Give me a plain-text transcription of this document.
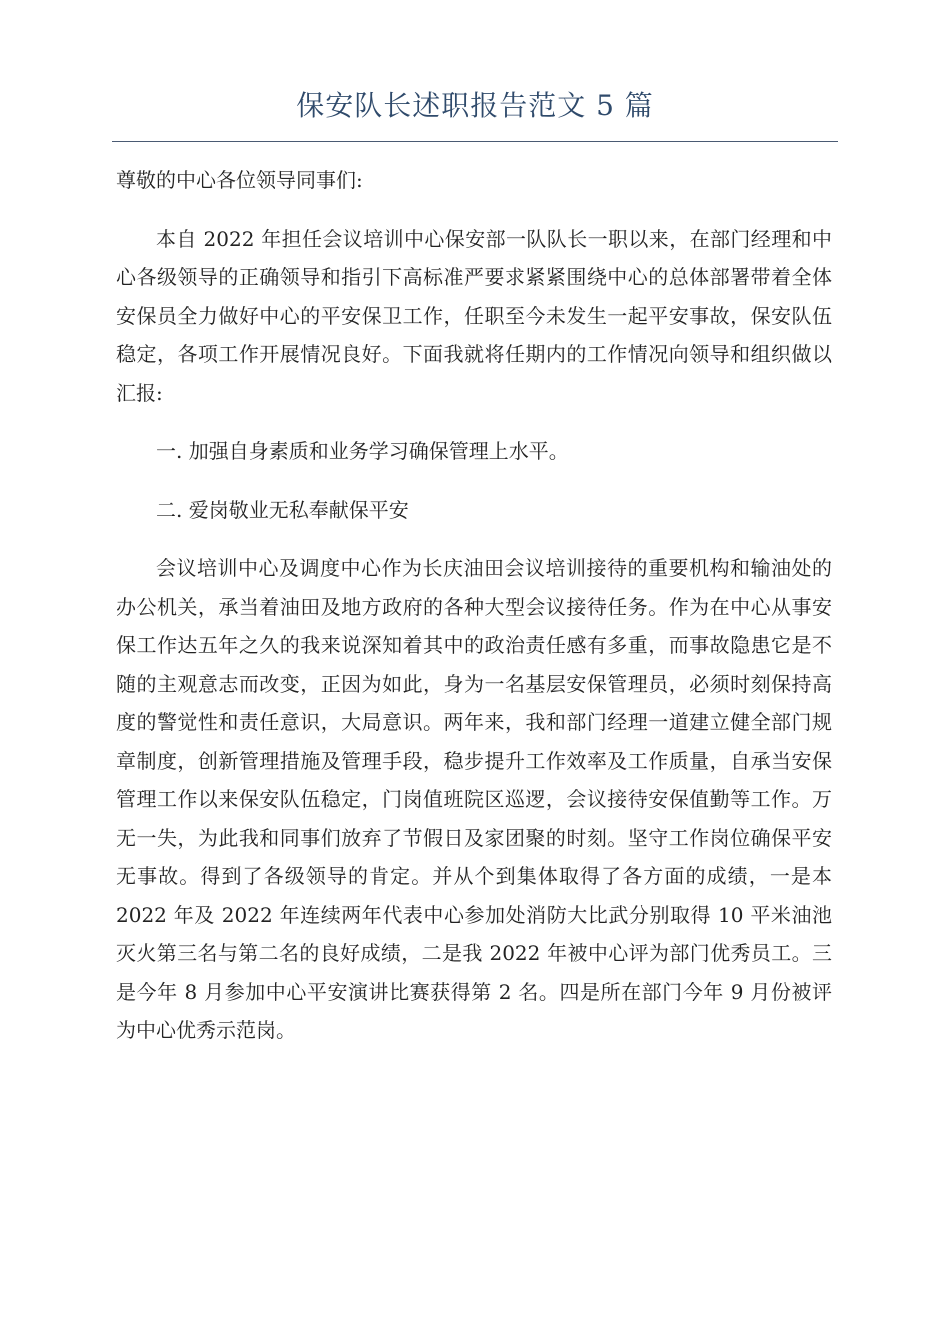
保安队长述职报告范文 5 篇

尊敬的中心各位领导同事们:

本自 2022 年担任会议培训中心保安部一队队长一职以来，在部门经理和中心各级领导的正确领导和指引下高标准严要求紧紧围绕中心的总体部署带着全体安保员全力做好中心的平安保卫工作，任职至今未发生一起平安事故，保安队伍稳定，各项工作开展情况良好。下面我就将任期内的工作情况向领导和组织做以汇报:

一. 加强自身素质和业务学习确保管理上水平。

二. 爱岗敬业无私奉献保平安

会议培训中心及调度中心作为长庆油田会议培训接待的重要机构和输油处的办公机关，承当着油田及地方政府的各种大型会议接待任务。作为在中心从事安保工作达五年之久的我来说深知着其中的政治责任感有多重，而事故隐患它是不随的主观意志而改变，正因为如此，身为一名基层安保管理员，必须时刻保持高度的警觉性和责任意识，大局意识。两年来，我和部门经理一道建立健全部门规章制度，创新管理措施及管理手段，稳步提升工作效率及工作质量，自承当安保管理工作以来保安队伍稳定，门岗值班院区巡逻，会议接待安保值勤等工作。万无一失，为此我和同事们放弃了节假日及家团聚的时刻。坚守工作岗位确保平安无事故。得到了各级领导的肯定。并从个到集体取得了各方面的成绩，一是本 2022 年及 2022 年连续两年代表中心参加处消防大比武分别取得 10 平米油池灭火第三名与第二名的良好成绩，二是我 2022 年被中心评为部门优秀员工。三是今年 8 月参加中心平安演讲比赛获得第 2 名。四是所在部门今年 9 月份被评为中心优秀示范岗。
